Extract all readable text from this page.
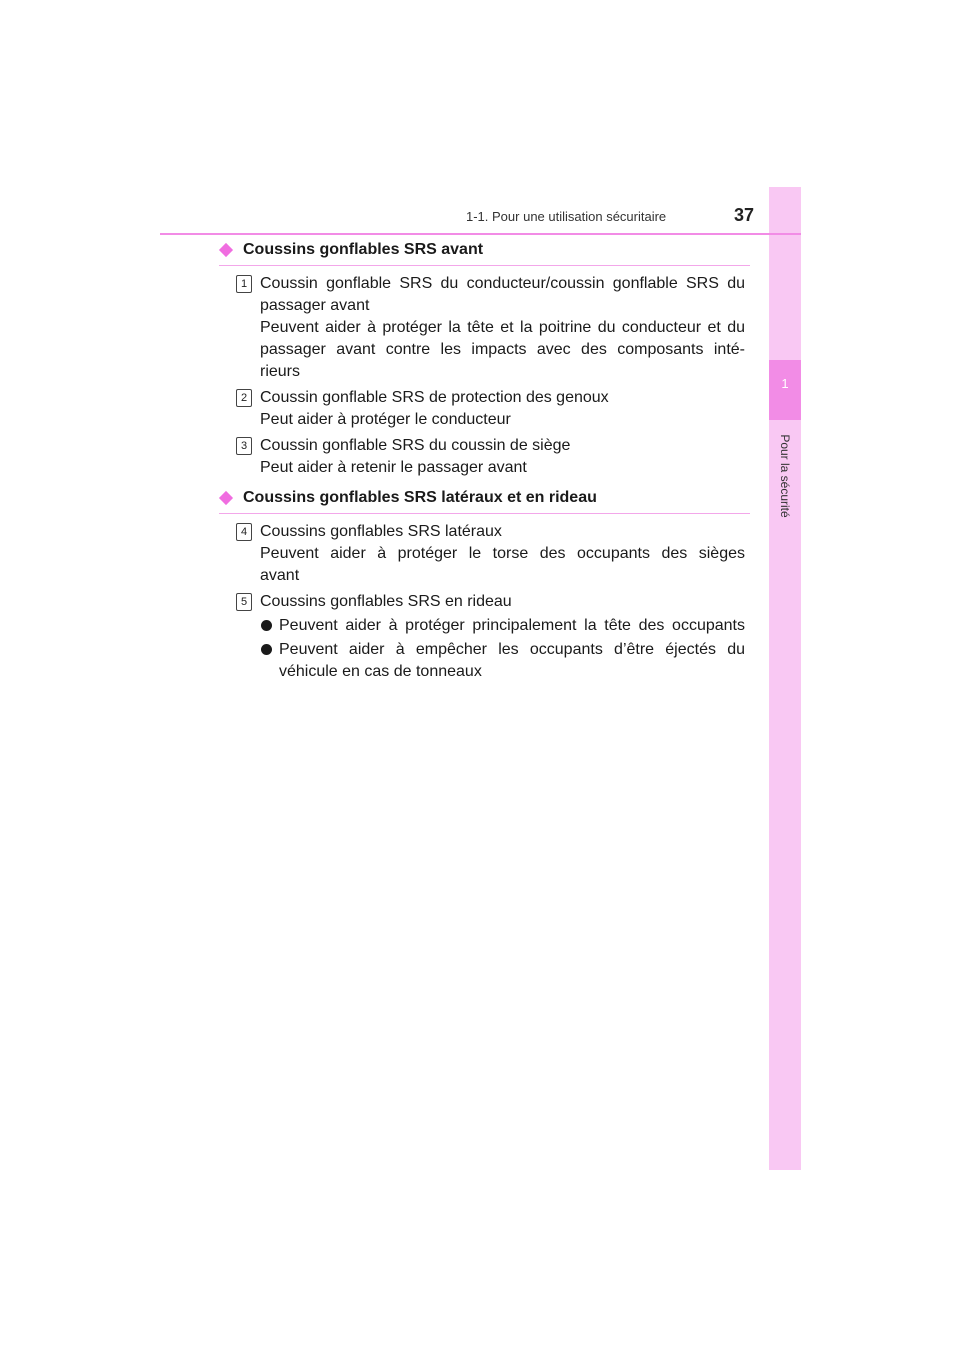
1
Pour la sécurité
1-1. Pour une utilisation sécuritaire	37
Coussins gonflables SRS avant
1 Coussin gonflable SRS du conducteur/coussin gonflable SRS du
passager avant
Peuvent aider à protéger la tête et la poitrine du conducteur et du
passager avant contre les impacts avec des composants inté-
rieurs
2 Coussin gonflable SRS de protection des genoux
Peut aider à protéger le conducteur
3 Coussin gonflable SRS du coussin de siège
Peut aider à retenir le passager avant
Coussins gonflables SRS latéraux et en rideau
4 Coussins gonflables SRS latéraux
Peuvent aider à protéger le torse des occupants des sièges
avant
5 Coussins gonflables SRS en rideau
Peuvent aider à protéger principalement la tête des occupants
Peuvent aider à empêcher les occupants d’être éjectés du
véhicule en cas de tonneaux
